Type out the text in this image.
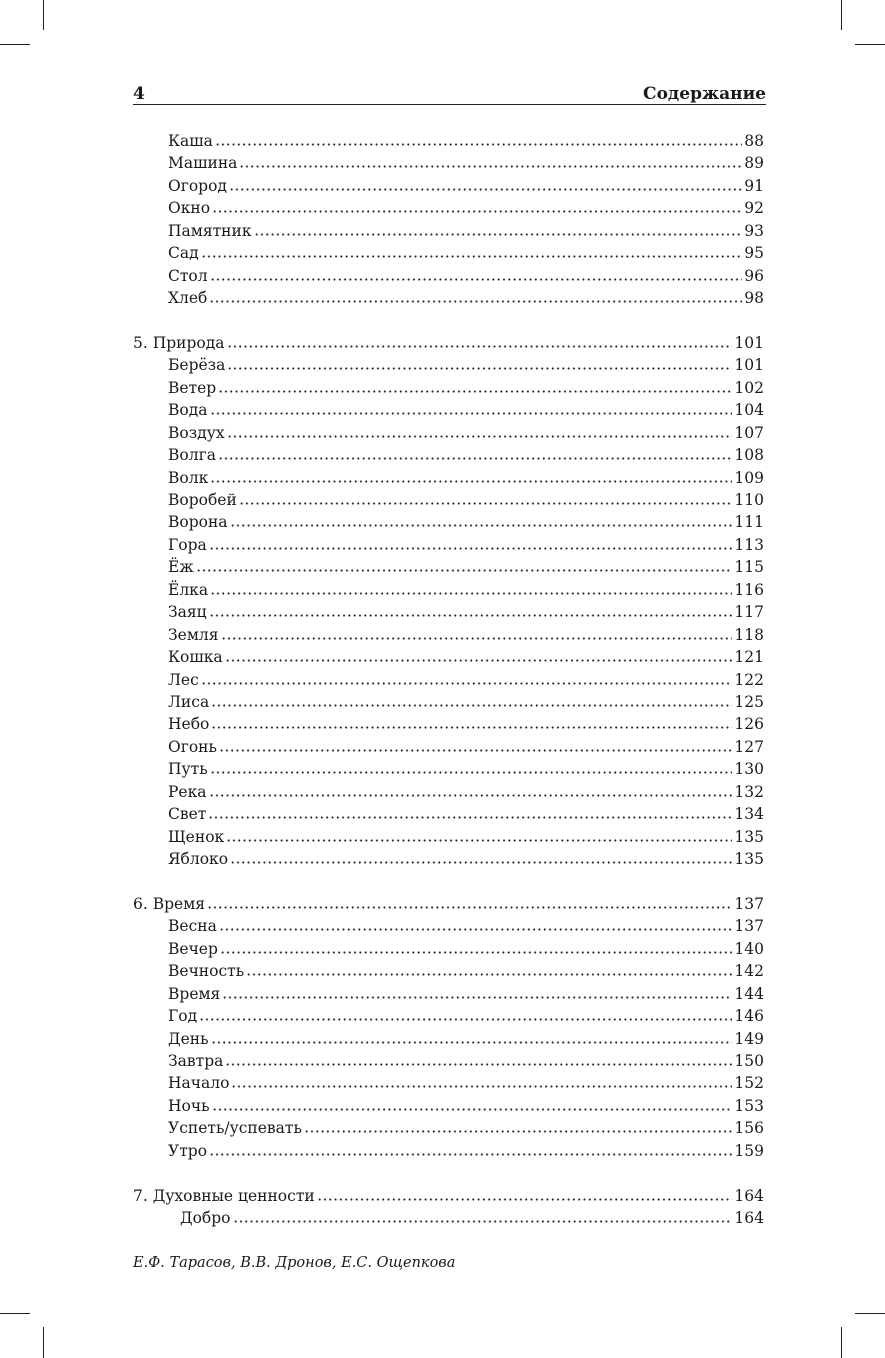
4	Содержание
Каша	88
Машина	89
Огород	91
Окно	92
Памятник	93
Сад	95
Стол	96
Хлеб	98
5. Природа	101
Берёза	101
Ветер	102
Вода	104
Воздух	107
Волга	108
Волк	109
Воробей	110
Ворона	111
Гора	113
Ёж	115
Ёлка	116
Заяц	117
Земля	118
Кошка	121
Лес	122
Лиса	125
Небо	126
Огонь	127
Путь	130
Река	132
Свет	134
Щенок	135
Яблоко	135
6. Время	137
Весна	137
Вечер	140
Вечность	142
Время	144
Год	146
День	149
Завтра	150
Начало	152
Ночь	153
Успеть/успевать	156
Утро	159
7. Духовные ценности	164
Добро	164
Е.Ф. Тарасов, В.В. Дронов, Е.С. Ощепкова
